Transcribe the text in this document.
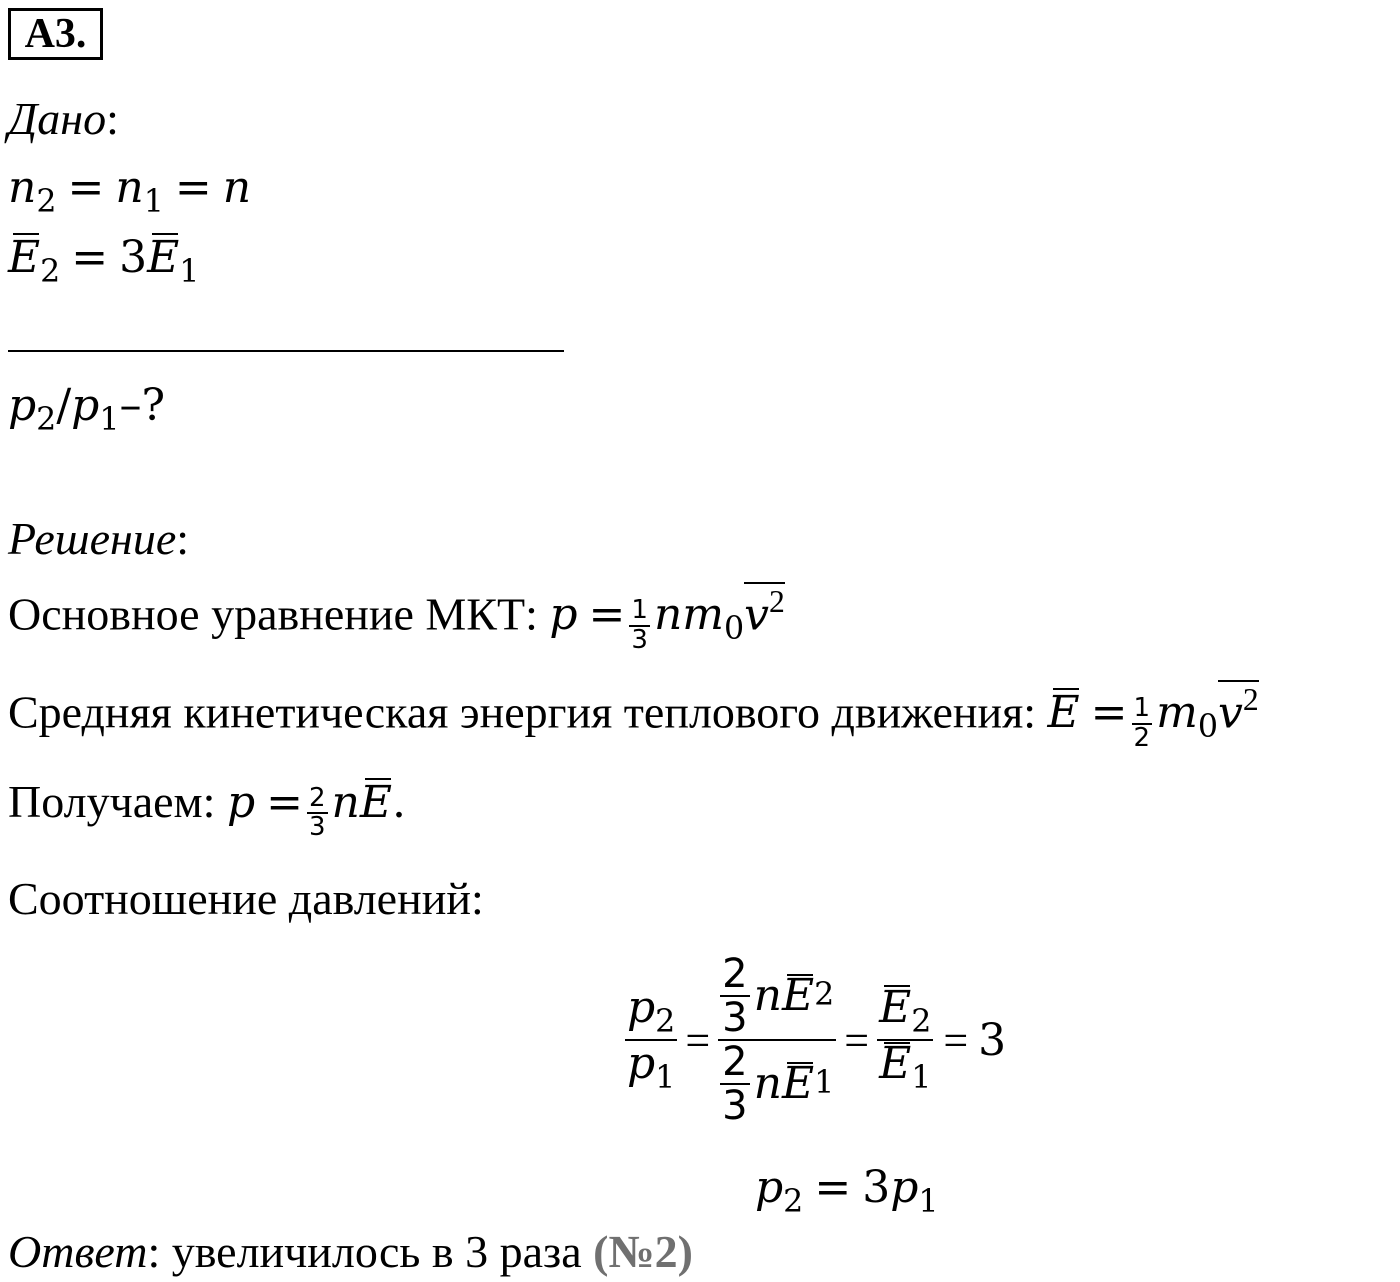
А3.
Дано:
$n_2 = n_1 = n$
$E_2 = 3E_1$
$p_2/p_1-$?
Решение:
Основное уравнение МКТ: $p = \frac{1}{3} nm_0v^2$
Средняя кинетическая энергия теплового движения: $E = \frac{1}{2} m_0v^2$
Получаем: $p = \frac{2}{3}$ nE.
Соотношение давлений:
$\frac{p_2}{p_1} = \frac{\frac{2}{3} n E 2}{\frac{2}{3} n E 1} = \frac{E_2}{E_1} = 3$
$p_2 = 3p_1$
Ответ: увеличилось в 3 раза (№2)
